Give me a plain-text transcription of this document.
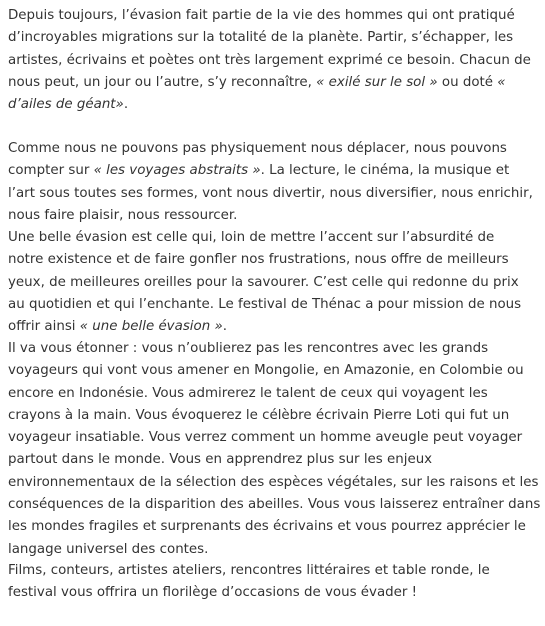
Depuis toujours, l’évasion fait partie de la vie des hommes qui ont pratiqué
d’incroyables migrations sur la totalité de la planète. Partir, s’échapper, les
artistes, écrivains et poètes ont très largement exprimé ce besoin. Chacun de
nous peut, un jour ou l’autre, s’y reconnaître, « exilé sur le sol » ou doté «
d’ailes de géant».
Comme nous ne pouvons pas physiquement nous déplacer, nous pouvons
compter sur « les voyages abstraits ». La lecture, le cinéma, la musique et
l’art sous toutes ses formes, vont nous divertir, nous diversifier, nous enrichir,
nous faire plaisir, nous ressourcer.
Une belle évasion est celle qui, loin de mettre l’accent sur l’absurdité de
notre existence et de faire gonfler nos frustrations, nous offre de meilleurs
yeux, de meilleures oreilles pour la savourer. C’est celle qui redonne du prix
au quotidien et qui l’enchante. Le festival de Thénac a pour mission de nous
offrir ainsi « une belle évasion ».
Il va vous étonner : vous n’oublierez pas les rencontres avec les grands
voyageurs qui vont vous amener en Mongolie, en Amazonie, en Colombie ou
encore en Indonésie. Vous admirerez le talent de ceux qui voyagent les
crayons à la main. Vous évoquerez le célèbre écrivain Pierre Loti qui fut un
voyageur insatiable. Vous verrez comment un homme aveugle peut voyager
partout dans le monde. Vous en apprendrez plus sur les enjeux
environnementaux de la sélection des espèces végétales, sur les raisons et les
conséquences de la disparition des abeilles. Vous vous laisserez entraîner dans
les mondes fragiles et surprenants des écrivains et vous pourrez apprécier le
langage universel des contes.
Films, conteurs, artistes ateliers, rencontres littéraires et table ronde, le
festival vous offrira un florilège d’occasions de vous évader !
